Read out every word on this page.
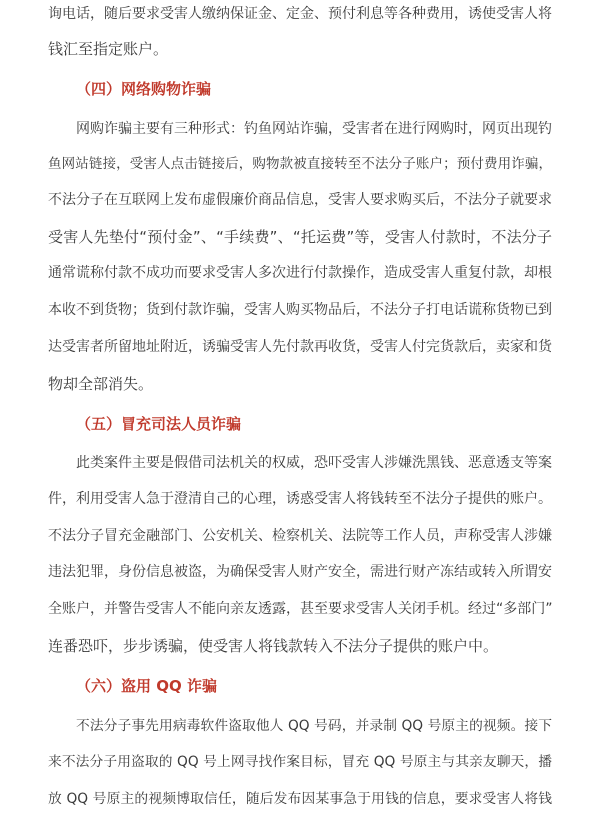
询电话，随后要求受害人缴纳保证金、定金、预付利息等各种费用，诱使受害人将
钱汇至指定账户。
（四）网络购物诈骗
网购诈骗主要有三种形式：钓鱼网站诈骗，受害者在进行网购时，网页出现钓
鱼网站链接，受害人点击链接后，购物款被直接转至不法分子账户；预付费用诈骗，
不法分子在互联网上发布虚假廉价商品信息，受害人要求购买后，不法分子就要求
受害人先垫付“预付金”、“手续费”、“托运费”等，受害人付款时，不法分子
通常谎称付款不成功而要求受害人多次进行付款操作，造成受害人重复付款，却根
本收不到货物；货到付款诈骗，受害人购买物品后，不法分子打电话谎称货物已到
达受害者所留地址附近，诱骗受害人先付款再收货，受害人付完货款后，卖家和货
物却全部消失。
（五）冒充司法人员诈骗
此类案件主要是假借司法机关的权威，恐吓受害人涉嫌洗黑钱、恶意透支等案
件，利用受害人急于澄清自己的心理，诱惑受害人将钱转至不法分子提供的账户。
不法分子冒充金融部门、公安机关、检察机关、法院等工作人员，声称受害人涉嫌
违法犯罪，身份信息被盗，为确保受害人财产安全，需进行财产冻结或转入所谓安
全账户，并警告受害人不能向亲友透露，甚至要求受害人关闭手机。经过“多部门”
连番恐吓，步步诱骗，使受害人将钱款转入不法分子提供的账户中。
（六）盗用 QQ 诈骗
不法分子事先用病毒软件盗取他人 QQ 号码，并录制 QQ 号原主的视频。接下
来不法分子用盗取的 QQ 号上网寻找作案目标，冒充 QQ 号原主与其亲友聊天，播
放 QQ 号原主的视频博取信任，随后发布因某事急于用钱的信息，要求受害人将钱
